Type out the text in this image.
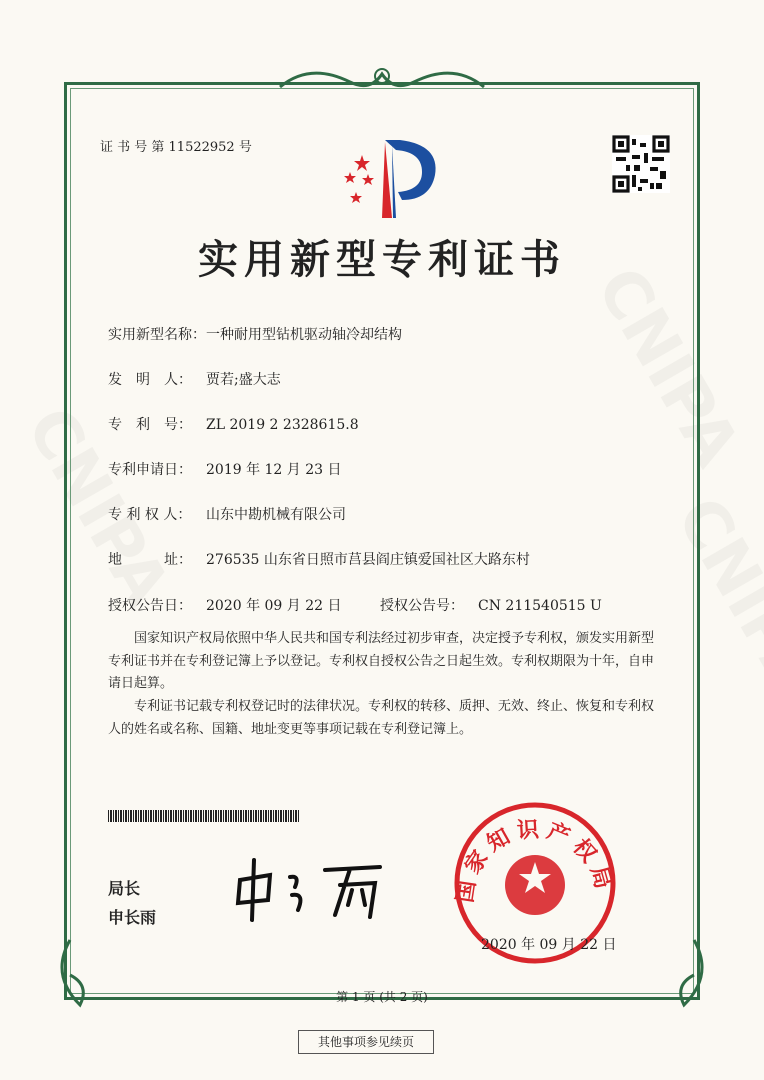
证 书 号 第 11522952 号
实用新型专利证书
实用新型名称：一种耐用型钻机驱动轴冷却结构
发　明　人： 贾若;盛大志
专　利　号： ZL 2019 2 2328615.8
专利申请日： 2019 年 12 月 23 日
专 利 权 人： 山东中勘机械有限公司
地　　　址： 276535 山东省日照市莒县阎庄镇爱国社区大路东村
授权公告日： 2020 年 09 月 22 日	授权公告号： CN 211540515 U
国家知识产权局依照中华人民共和国专利法经过初步审查，决定授予专利权，颁发实用新型专利证书并在专利登记簿上予以登记。专利权自授权公告之日起生效。专利权期限为十年，自申请日起算。
专利证书记载专利权登记时的法律状况。专利权的转移、质押、无效、终止、恢复和专利权人的姓名或名称、国籍、地址变更等事项记载在专利登记簿上。
局长
申长雨
国家知识产权局
2020 年 09 月 22 日
第 1 页 (共 2 页)
其他事项参见续页
